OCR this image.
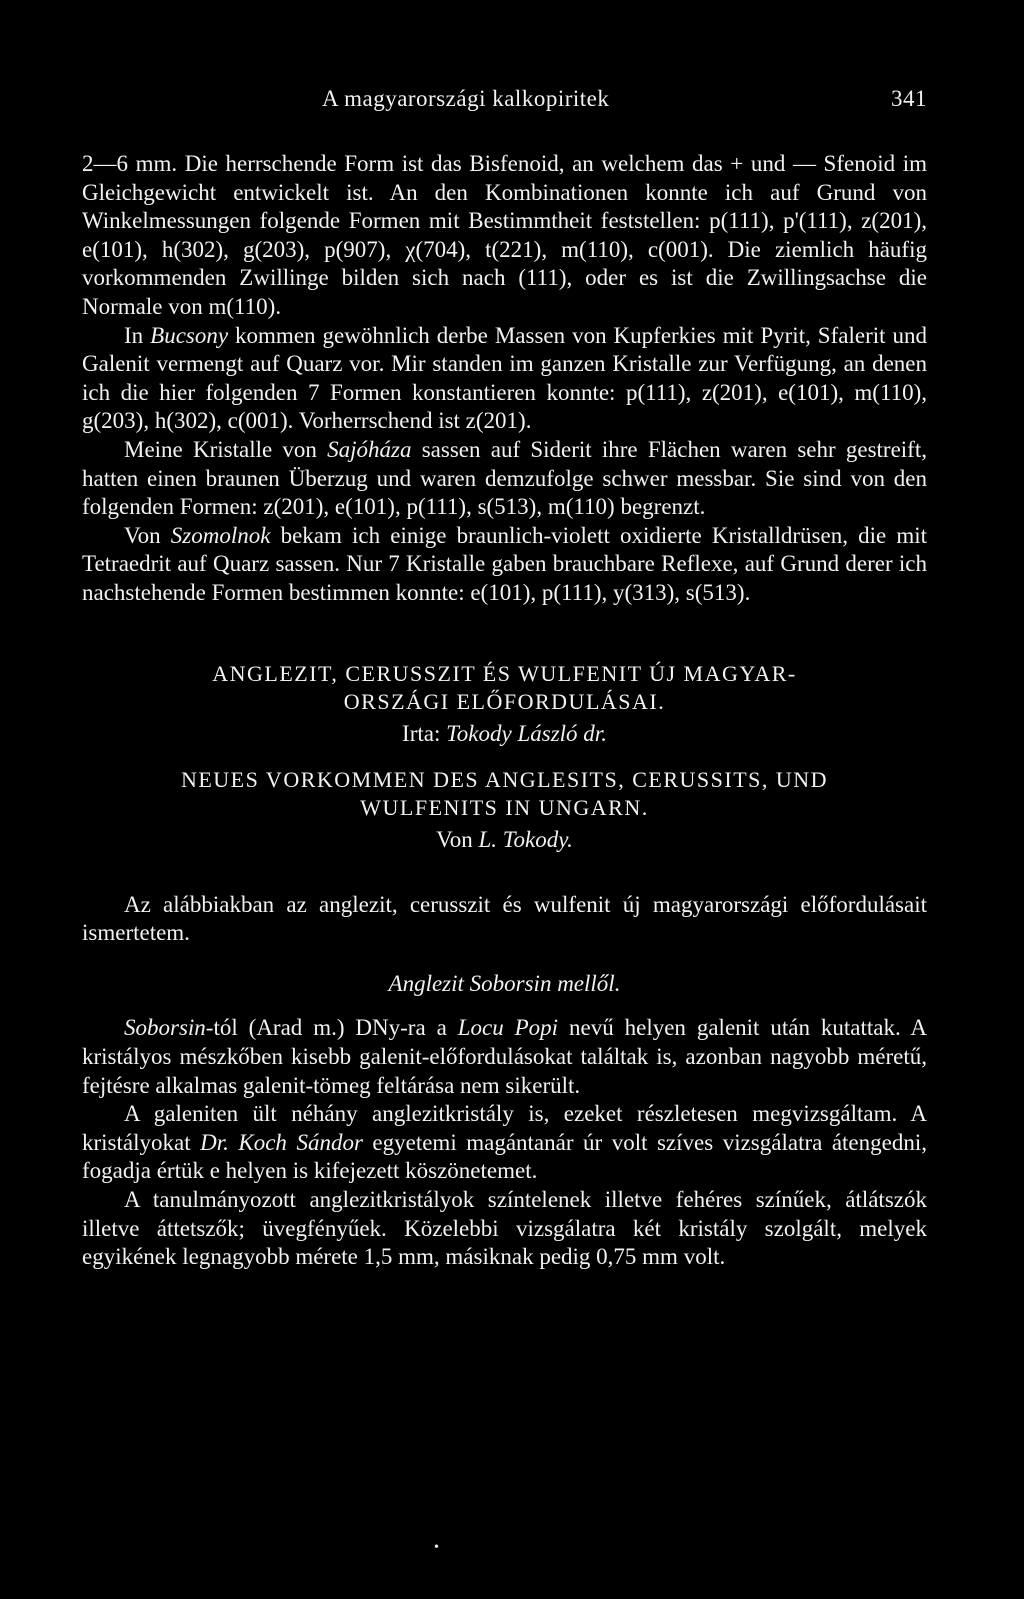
A magyarországi kalkopiritek	341

2—6 mm. Die herrschende Form ist das Bisfenoid, an welchem das + und — Sfenoid im Gleichgewicht entwickelt ist. An den Kombinationen konnte ich auf Grund von Winkelmessungen folgende Formen mit Bestimmtheit feststellen: p(111), p'(111), z(201), e(101), h(302), g(203), p(907), χ(704), t(221), m(110), c(001). Die ziemlich häufig vorkommenden Zwillinge bilden sich nach (111), oder es ist die Zwillingsachse die Normale von m(110).

In Bucsony kommen gewöhnlich derbe Massen von Kupferkies mit Pyrit, Sfalerit und Galenit vermengt auf Quarz vor. Mir standen im ganzen Kristalle zur Verfügung, an denen ich die hier folgenden 7 Formen konstantieren konnte: p(111), z(201), e(101), m(110), g(203), h(302), c(001). Vorherrschend ist z(201).

Meine Kristalle von Sajóháza sassen auf Siderit ihre Flächen waren sehr gestreift, hatten einen braunen Überzug und waren demzufolge schwer messbar. Sie sind von den folgenden Formen: z(201), e(101), p(111), s(513), m(110) begrenzt.

Von Szomolnok bekam ich einige braunlich-violett oxidierte Kristalldrüsen, die mit Tetraedrit auf Quarz sassen. Nur 7 Kristalle gaben brauchbare Reflexe, auf Grund derer ich nachstehende Formen bestimmen konnte: e(101), p(111), y(313), s(513).

ANGLEZIT, CERUSSZIT ÉS WULFENIT ÚJ MAGYAR-
ORSZÁGI ELŐFORDULÁSAI.
Irta: Tokody László dr.
NEUES VORKOMMEN DES ANGLESITS, CERUSSITS, UND
WULFENITS IN UNGARN.
Von L. Tokody.

Az alábbiakban az anglezit, cerusszit és wulfenit új magyarországi előfordulásait ismertetem.

Anglezit Soborsin mellől.

Soborsin-tól (Arad m.) DNy-ra a Locu Popi nevű helyen galenit után kutattak. A kristályos mészkőben kisebb galenit-előfordulásokat találtak is, azonban nagyobb méretű, fejtésre alkalmas galenit-tömeg feltárása nem sikerült.

A galeniten ült néhány anglezitkristály is, ezeket részletesen megvizsgáltam. A kristályokat Dr. Koch Sándor egyetemi magántanár úr volt szíves vizsgálatra átengedni, fogadja értük e helyen is kifejezett köszönetemet.

A tanulmányozott anglezitkristályok színtelenek illetve fehéres színűek, átlátszók illetve áttetszők; üvegfényűek. Közelebbi vizsgálatra két kristály szolgált, melyek egyikének legnagyobb mérete 1,5 mm, másiknak pedig 0,75 mm volt.

•
